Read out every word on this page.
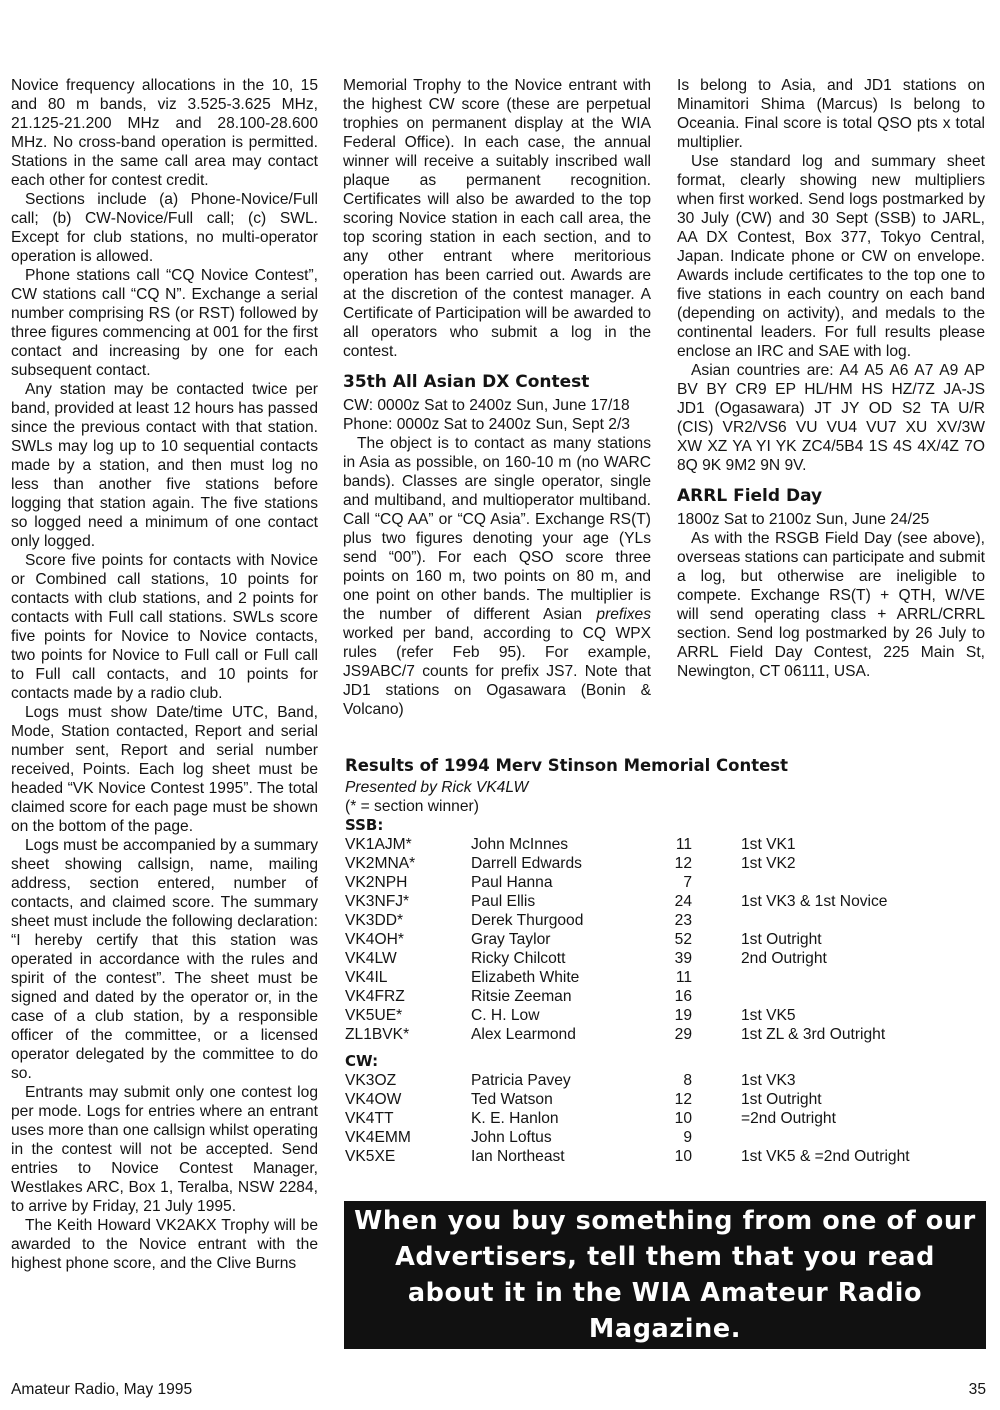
Novice frequency allocations in the 10, 15 and 80 m bands, viz 3.525-3.625 MHz, 21.125-21.200 MHz and 28.100-28.600 MHz. No cross-band operation is permitted. Stations in the same call area may contact each other for contest credit.

Sections include (a) Phone-Novice/Full call; (b) CW-Novice/Full call; (c) SWL. Except for club stations, no multi-operator operation is allowed.

Phone stations call “CQ Novice Contest”, CW stations call “CQ N”. Exchange a serial number comprising RS (or RST) followed by three figures commencing at 001 for the first contact and increasing by one for each subsequent contact.

Any station may be contacted twice per band, provided at least 12 hours has passed since the previous contact with that station. SWLs may log up to 10 sequential contacts made by a station, and then must log no less than another five stations before logging that station again. The five stations so logged need a minimum of one contact only logged.

Score five points for contacts with Novice or Combined call stations, 10 points for contacts with club stations, and 2 points for contacts with Full call stations. SWLs score five points for Novice to Novice contacts, two points for Novice to Full call or Full call to Full call contacts, and 10 points for contacts made by a radio club.

Logs must show Date/time UTC, Band, Mode, Station contacted, Report and serial number sent, Report and serial number received, Points. Each log sheet must be headed “VK Novice Contest 1995”. The total claimed score for each page must be shown on the bottom of the page.

Logs must be accompanied by a summary sheet showing callsign, name, mailing address, section entered, number of contacts, and claimed score. The summary sheet must include the following declaration: “I hereby certify that this station was operated in accordance with the rules and spirit of the contest”. The sheet must be signed and dated by the operator or, in the case of a club station, by a responsible officer of the committee, or a licensed operator delegated by the committee to do so.

Entrants may submit only one contest log per mode. Logs for entries where an entrant uses more than one callsign whilst operating in the contest will not be accepted. Send entries to Novice Contest Manager, Westlakes ARC, Box 1, Teralba, NSW 2284, to arrive by Friday, 21 July 1995.

The Keith Howard VK2AKX Trophy will be awarded to the Novice entrant with the highest phone score, and the Clive Burns

Memorial Trophy to the Novice entrant with the highest CW score (these are perpetual trophies on permanent display at the WIA Federal Office). In each case, the annual winner will receive a suitably inscribed wall plaque as permanent recognition. Certificates will also be awarded to the top scoring Novice station in each call area, the top scoring station in each section, and to any other entrant where meritorious operation has been carried out. Awards are at the discretion of the contest manager. A Certificate of Participation will be awarded to all operators who submit a log in the contest.

35th All Asian DX Contest

CW: 0000z Sat to 2400z Sun, June 17/18

Phone: 0000z Sat to 2400z Sun, Sept 2/3

The object is to contact as many stations in Asia as possible, on 160-10 m (no WARC bands). Classes are single operator, single and multiband, and multioperator multiband. Call “CQ AA” or “CQ Asia”. Exchange RS(T) plus two figures denoting your age (YLs send “00”). For each QSO score three points on 160 m, two points on 80 m, and one point on other bands. The multiplier is the number of different Asian prefixes worked per band, according to CQ WPX rules (refer Feb 95). For example, JS9ABC/7 counts for prefix JS7. Note that JD1 stations on Ogasawara (Bonin & Volcano)

Is belong to Asia, and JD1 stations on Minamitori Shima (Marcus) Is belong to Oceania. Final score is total QSO pts x total multiplier.

Use standard log and summary sheet format, clearly showing new multipliers when first worked. Send logs postmarked by 30 July (CW) and 30 Sept (SSB) to JARL, AA DX Contest, Box 377, Tokyo Central, Japan. Indicate phone or CW on envelope. Awards include certificates to the top one to five stations in each country on each band (depending on activity), and medals to the continental leaders. For full results please enclose an IRC and SAE with log.

Asian countries are: A4 A5 A6 A7 A9 AP BV BY CR9 EP HL/HM HS HZ/7Z JA-JS JD1 (Ogasawara) JT JY OD S2 TA U/R (CIS) VR2/VS6 VU VU4 VU7 XU XV/3W XW XZ YA YI YK ZC4/5B4 1S 4S 4X/4Z 7O 8Q 9K 9M2 9N 9V.

ARRL Field Day

1800z Sat to 2100z Sun, June 24/25

As with the RSGB Field Day (see above), overseas stations can participate and submit a log, but otherwise are ineligible to compete. Exchange RS(T) + QTH, W/VE will send operating class + ARRL/CRRL section. Send log postmarked by 26 July to ARRL Field Day Contest, 225 Main St, Newington, CT 06111, USA.

Results of 1994 Merv Stinson Memorial Contest
Presented by Rick VK4LW
(* = section winner)
SSB:
VK1AJM*	John McInnes	11	1st VK1
VK2MNA*	Darrell Edwards	12	1st VK2
VK2NPH	Paul Hanna	7
VK3NFJ*	Paul Ellis	24	1st VK3 & 1st Novice
VK3DD*	Derek Thurgood	23
VK4OH*	Gray Taylor	52	1st Outright
VK4LW	Ricky Chilcott	39	2nd Outright
VK4IL	Elizabeth White	11
VK4FRZ	Ritsie Zeeman	16
VK5UE*	C. H. Low	19	1st VK5
ZL1BVK*	Alex Learmond	29	1st ZL & 3rd Outright
CW:
VK3OZ	Patricia Pavey	8	1st VK3
VK4OW	Ted Watson	12	1st Outright
VK4TT	K. E. Hanlon	10	=2nd Outright
VK4EMM	John Loftus	9
VK5XE	Ian Northeast	10	1st VK5 & =2nd Outright
When you buy something from one of our Advertisers, tell them that you read about it in the WIA Amateur Radio Magazine.
Amateur Radio, May 1995	35
